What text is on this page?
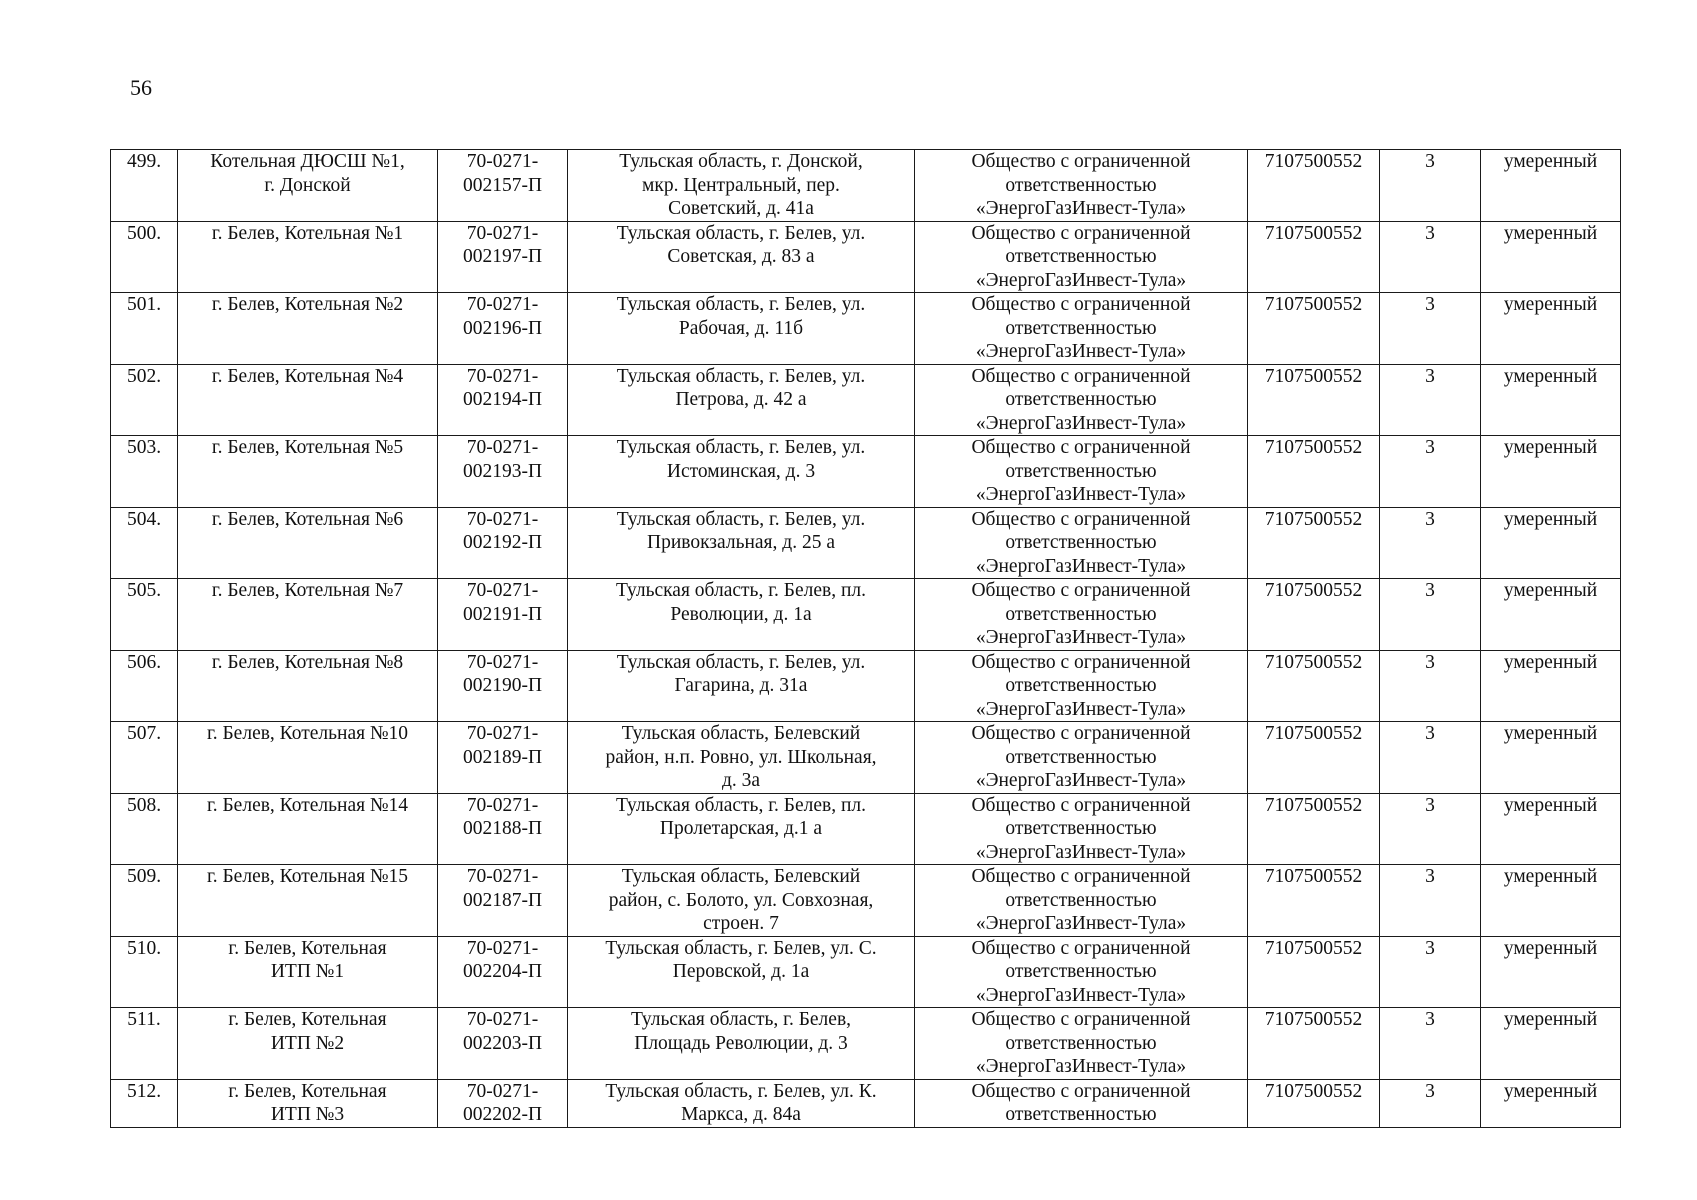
56
499.	Котельная ДЮСШ №1,
г. Донской	70-0271-
002157-П	Тульская область, г. Донской,
мкр. Центральный, пер.
Советский, д. 41а	Общество с ограниченной
ответственностью
«ЭнергоГазИнвест-Тула»	7107500552	3	умеренный
500.	г. Белев, Котельная №1	70-0271-
002197-П	Тульская область, г. Белев, ул.
Советская, д. 83 а	Общество с ограниченной
ответственностью
«ЭнергоГазИнвест-Тула»	7107500552	3	умеренный
501.	г. Белев, Котельная №2	70-0271-
002196-П	Тульская область, г. Белев, ул.
Рабочая, д. 11б	Общество с ограниченной
ответственностью
«ЭнергоГазИнвест-Тула»	7107500552	3	умеренный
502.	г. Белев, Котельная №4	70-0271-
002194-П	Тульская область, г. Белев, ул.
Петрова, д. 42 а	Общество с ограниченной
ответственностью
«ЭнергоГазИнвест-Тула»	7107500552	3	умеренный
503.	г. Белев, Котельная №5	70-0271-
002193-П	Тульская область, г. Белев, ул.
Истоминская, д. 3	Общество с ограниченной
ответственностью
«ЭнергоГазИнвест-Тула»	7107500552	3	умеренный
504.	г. Белев, Котельная №6	70-0271-
002192-П	Тульская область, г. Белев, ул.
Привокзальная, д. 25 а	Общество с ограниченной
ответственностью
«ЭнергоГазИнвест-Тула»	7107500552	3	умеренный
505.	г. Белев, Котельная №7	70-0271-
002191-П	Тульская область, г. Белев, пл.
Революции, д. 1а	Общество с ограниченной
ответственностью
«ЭнергоГазИнвест-Тула»	7107500552	3	умеренный
506.	г. Белев, Котельная №8	70-0271-
002190-П	Тульская область, г. Белев, ул.
Гагарина, д. 31а	Общество с ограниченной
ответственностью
«ЭнергоГазИнвест-Тула»	7107500552	3	умеренный
507.	г. Белев, Котельная №10	70-0271-
002189-П	Тульская область, Белевский
район, н.п. Ровно, ул. Школьная,
д. 3а	Общество с ограниченной
ответственностью
«ЭнергоГазИнвест-Тула»	7107500552	3	умеренный
508.	г. Белев, Котельная №14	70-0271-
002188-П	Тульская область, г. Белев, пл.
Пролетарская, д.1 а	Общество с ограниченной
ответственностью
«ЭнергоГазИнвест-Тула»	7107500552	3	умеренный
509.	г. Белев, Котельная №15	70-0271-
002187-П	Тульская область, Белевский
район, с. Болото, ул. Совхозная,
строен. 7	Общество с ограниченной
ответственностью
«ЭнергоГазИнвест-Тула»	7107500552	3	умеренный
510.	г. Белев, Котельная
ИТП №1	70-0271-
002204-П	Тульская область, г. Белев, ул. С.
Перовской, д. 1а	Общество с ограниченной
ответственностью
«ЭнергоГазИнвест-Тула»	7107500552	3	умеренный
511.	г. Белев, Котельная
ИТП №2	70-0271-
002203-П	Тульская область, г. Белев,
Площадь Революции, д. 3	Общество с ограниченной
ответственностью
«ЭнергоГазИнвест-Тула»	7107500552	3	умеренный
512.	г. Белев, Котельная
ИТП №3	70-0271-
002202-П	Тульская область, г. Белев, ул. К.
Маркса, д. 84а	Общество с ограниченной
ответственностью	7107500552	3	умеренный
